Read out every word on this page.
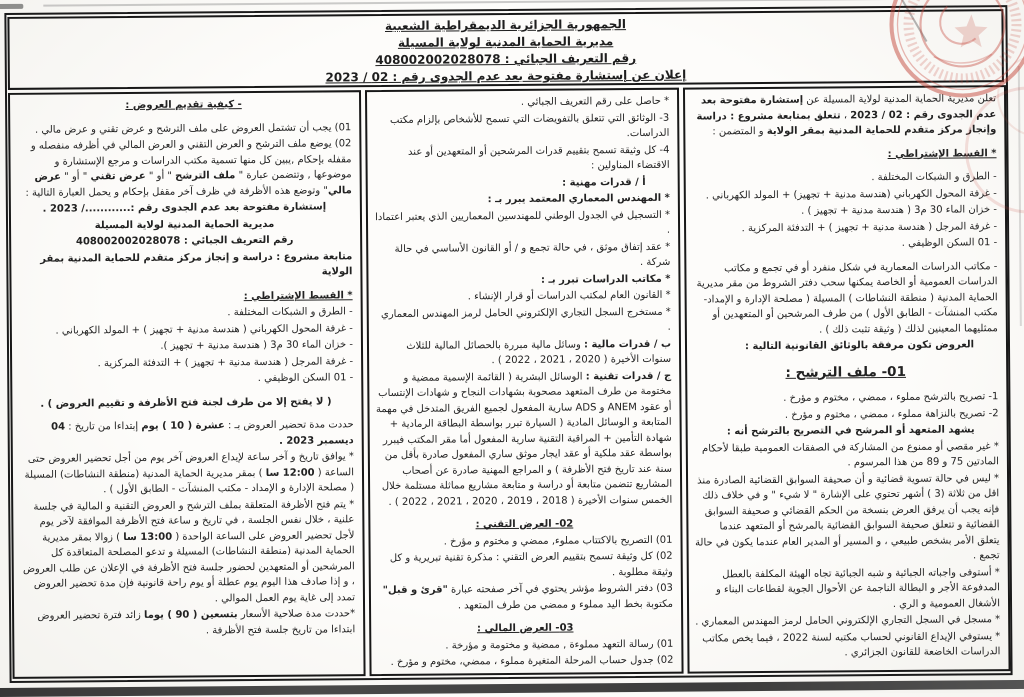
الجمهورية الجزائرية الديمقراطية الشعبية
مديرية الحماية المدنية لولاية المسيلة
رقم التعريف الجبائي : 408002002028078
إعلان عن إستشارة مفتوحة بعد عدم الجدوى رقم : 02 / 2023
تعلن مديرية الحماية المدنية لولاية المسيلة عن إستشارة مفتوحة بعد عدم الجدوى رقم : 02 / 2023 ، تتعلق بمتابعة مشروع : دراسة وإنجاز مركز متقدم للحماية المدنية بمقر الولاية و المتضمن :
* القسط الإشتراطي :
- الطرق و الشبكات المختلفة .
- غرفة المحول الكهرباني (هندسة مدنية + تجهيز) + المولد الكهرباني .
- خزان الماء 30 م3 ( هندسة مدنية + تجهيز ) .
- غرفة المرجل ( هندسة مدنية + تجهيز ) + التدفئة المركزية .
- 01 السكن الوظيفي .
- مكاتب الدراسات المعمارية في شكل منفرد أو في تجمع و مكاتب الدراسات العمومية أو الخاصة يمكنها سحب دفتر الشروط من مقر مديرية الحماية المدنية ( منطقة النشاطات ) المسيلة ( مصلحة الإدارة و الإمداد- مكتب المنشآت - الطابق الأول ) من طرف المرشحين أو المتعهدين أو ممثليهما المعينين لذلك ( وثيقة تثبت ذلك ) .
العروض تكون مرفقة بالوثائق القانونية التالية :
01- ملف الترشح :
1- تصريح بالترشح مملوء ، ممضي ، مختوم و مؤرخ .
2- تصريح بالنزاهة مملوء ، ممضي ، مختوم و مؤرخ .
يشهد المتعهد أو المرشح في التصريح بالترشح أنه :
* غير مقصي أو ممنوع من المشاركة في الصفقات العمومية طبقا لأحكام المادتين 75 و 89 من هذا المرسوم .
* ليس في حالة تسوية قضائية و أن صحيفة السوابق القضائية الصادرة منذ اقل من ثلاثة (3 ) أشهر تحتوي على الإشارة " لا شيء " و في خلاف ذلك فإنه يجب أن يرفق العرض بنسخة من الحكم القضائي و صحيفة السوابق القضائية و تتعلق صحيفة السوابق القضائية بالمرشح أو المتعهد عندما يتعلق الأمر بشخص طبيعي ، و المسير أو المدير العام عندما يكون في حالة تجمع .
* أستوفى واجباته الجبائية و شبه الجبائية تجاه الهيئة المكلفة بالعطل المدفوعة الأجر و البطالة الناجمة عن الأحوال الجوية لقطاعات البناء و الأشغال العمومية و الري .
* مسجل في السجل التجاري الإلكتروني الحامل لرمز المهندس المعماري .
* يستوفي الإيداع القانوني لحساب مكتبه لسنة 2022 ، فيما يخص مكاتب الدراسات الخاضعة للقانون الجزائري .
* حاصل على رقم التعريف الجبائي .
3- الوثائق التي تتعلق بالتفويضات التي تسمح للأشخاص بإلزام مكتب الدراسات.
4- كل وثيقة تسمح بتقييم قدرات المرشحين أو المتعهدين أو عند الاقتضاء المناولين :
أ / قدرات مهنية :
* المهندس المعماري المعتمد يبرر بـ :
* التسجيل في الجدول الوطني للمهندسين المعماريين الذي يعتبر اعتمادا .
* عقد إتفاق موثق ، في حالة تجمع و / أو القانون الأساسي في حالة شركة .
* مكاتب الدراسات تبرر بـ :
* القانون العام لمكتب الدراسات أو قرار الإنشاء .
* مستخرج السجل التجاري الإلكتروني الحامل لرمز المهندس المعماري .
ب / قدرات مالية : وسائل مالية مبررة بالحصائل المالية للثلاث سنوات الأخيرة ( 2020 ، 2021 ، 2022 ) .
ج / قدرات تقنية : الوسائل البشرية ( القائمة الإسمية ممضية و مختومة من طرف المتعهد مصحوبة بشهادات النجاح و شهادات الإنتساب أو عقود ANEM و ADS سارية المفعول لجميع الفريق المتدخل في مهمة المتابعة و الوسائل المادية ( السيارة تبرر بواسطة البطاقة الرمادية + شهادة التأمين + المراقبة التقنية سارية المفعول أما مقر المكتب فيبرر بواسطة عقد ملكية أو عقد ايجار موثق ساري المفعول صادرة بأقل من سنة عند تاريخ فتح الأظرفة ) و المراجع المهنية صادرة عن أصحاب المشاريع تتضمن متابعة أو دراسة و متابعة مشاريع مماثلة مستلمة خلال الخمس سنوات الأخيرة ( 2018 ، 2019 ، 2020 ، 2021 ، 2022 ) .
02- العرض التقني :
01) التصريح بالاكتتاب مملوء, ممضي و مختوم و مؤرخ .
02) كل وثيقة تسمح بتقييم العرض التقني : مذكرة تقنية تبريرية و كل وثيقة مطلوبة .
03) دفتر الشروط مؤشر يحتوي في آخر صفحته عبارة "قرئ و قبل" مكتوبة بخط اليد مملوء و ممضي من طرف المتعهد .
03- العرض المالي :
01) رسالة التعهد مملوءة , ممضية و مختومة و مؤرخة .
02) جدول حساب المرحلة المتغيرة مملوء ، ممضي، مختوم و مؤرخ .
- كيفية تقديم العروض :
01) يجب أن تشتمل العروض على ملف الترشح و عرض تقني و عرض مالي .
02) يوضع ملف الترشح و العرض التقني و العرض المالي في أظرفه منفصله و مقفله بإحكام ,يبين كل منها تسمية مكتب الدراسات و مرجع الإستشارة و موضوعها , وتتضمن عبارة " ملف الترشح " أو " عرض تقني " أو " عرض مالي" وتوضع هذه الأظرفة في ظرف آخر مقفل بإحكام و يحمل العبارة التالية :
إستشارة مفتوحة بعد عدم الجدوى رقم :............/ 2023 .
مديرية الحماية المدنية لولاية المسيلة
رقم التعريف الجبائي : 408002002028078
متابعة مشروع : دراسة و إنجاز مركز متقدم للحماية المدنية بمقر الولاية
* القسط الإشتراطي :
- الطرق و الشبكات المختلفة .
- غرفة المحول الكهرباني ( هندسة مدنية + تجهيز ) + المولد الكهرباني .
- خزان الماء 30 م3 ( هندسة مدنية + تجهيز ).
- غرفة المرجل ( هندسة مدنية + تجهيز ) + التدفئة المركزية .
- 01 السكن الوظيفي .
( لا يفتح إلا من طرف لجنة فتح الأظرفة و تقييم العروض ) .
حددت مدة تحضير العروض بـ : عشرة ( 10 ) يوم إبتداءا من تاريخ : 04 ديسمبر 2023 .
* يوافق تاريخ و آخر ساعة لإيداع العروض آخر يوم من أجل تحضير العروض حتى الساعة ( 12:00 سا ) بمقر مديرية الحماية المدنية (منطقة النشاطات) المسيلة ( مصلحة الإدارة و الإمداد - مكتب المنشآت - الطابق الأول ) .
* يتم فتح الأظرفة المتعلقة بملف الترشح و العروض التقنية و المالية في جلسة علنية ، خلال نفس الجلسة ، في تاريخ و ساعة فتح الأظرفة الموافقة لآخر يوم لأجل تحضير العروض على الساعة الواحدة ( 13:00 سا ) زوالا بمقر مديرية الحماية المدنية (منطقة النشاطات) المسيلة و تدعو المصلحة المتعاقدة كل المرشحين أو المتعهدين لحضور جلسة فتح الأظرفة في الإعلان عن طلب العروض ، و إذا صادف هذا اليوم يوم عطلة أو يوم راحة قانونية فإن مدة تحضير العروض تمدد إلى غاية يوم العمل الموالي .
*حددت مدة صلاحية الأسعار بتسعين ( 90 ) يوما زائد فترة تحضير العروض ابتداءا من تاريخ جلسة فتح الأظرفة .
